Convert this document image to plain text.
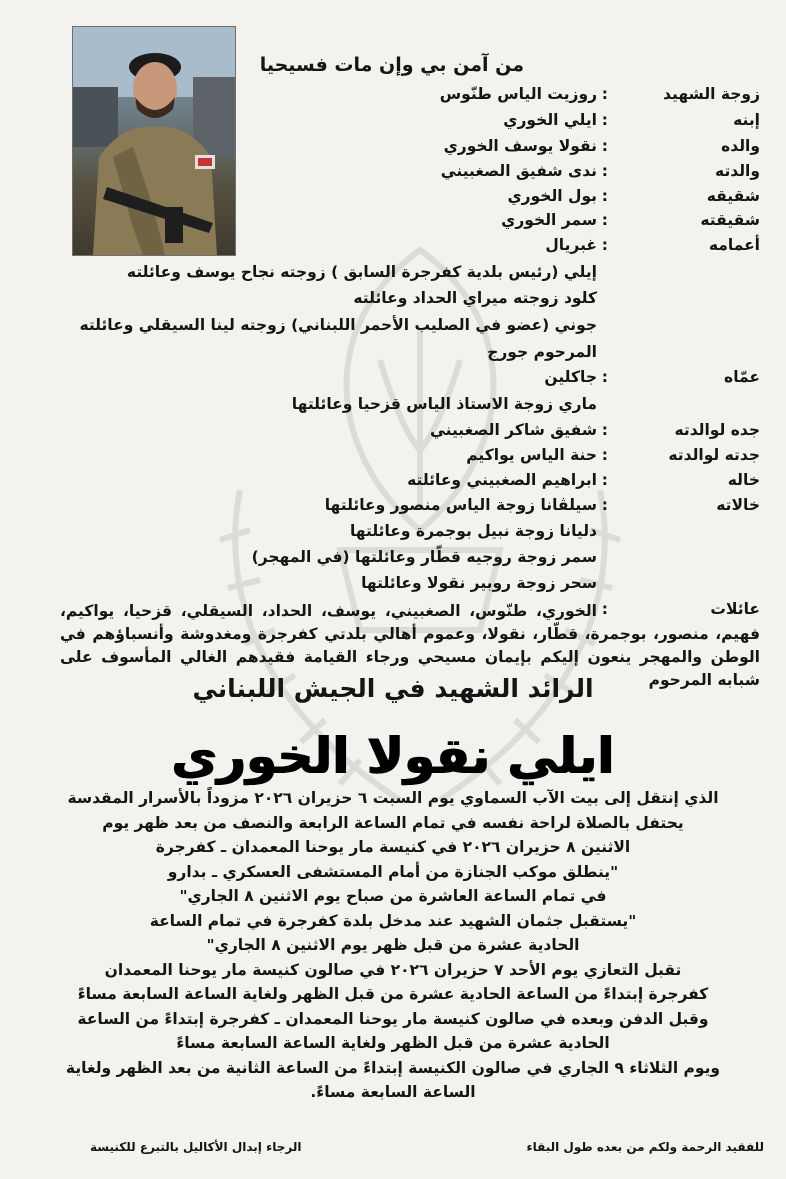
من آمن بي وإن مات فسيحيا
زوجة الشهيد
:
روزيت الياس طنّوس
إبنه
:
ايلي الخوري
والده
:
نقولا يوسف الخوري
والدته
:
ندى شفيق الصغبيني
شقيقه
:
بول الخوري
شقيقته
:
سمر الخوري
أعمامه
:
غبريال
إيلي (رئيس بلدية كفرجرة السابق ) زوجته نجاح يوسف وعائلته
كلود زوجته ميراي الحداد وعائلته
جوني (عضو في الصليب الأحمر اللبناني) زوجته لينا السيقلي وعائلته
المرحوم جورج
عمّاه
:
جاكلين
ماري زوجة الاستاذ الياس قزحيا وعائلتها
جده لوالدته
:
شفيق شاكر الصغبيني
جدته لوالدته
:
حنة الياس يواكيم
خاله
:
ابراهيم الصغبيني وعائلته
خالاته
:
سيلڤانا زوجة الياس منصور وعائلتها
دليانا زوجة نبيل بوجمرة وعائلتها
سمر زوجة روجيه قطّار وعائلتها (في المهجر)
سحر زوجة روبير نقولا وعائلتها
عائلات
:
الخوري، طنّوس، الصغبيني، يوسف، الحداد، السيقلي، قزحيا، يواكيم، فهيم، منصور، بوجمرة، قطّار، نقولا، وعموم أهالي بلدتي كفرجرة ومغدوشة وأنسباؤهم في الوطن والمهجر ينعون إليكم بإيمان مسيحي ورجاء القيامة فقيدهم الغالي المأسوف على شبابه المرحوم
الرائد الشهيد في الجيش اللبناني
ايلي نقولا الخوري
الذي إنتقل إلى بيت الآب السماوي يوم السبت ٦ حزيران ٢٠٢٦ مزوداً بالأسرار المقدسة
يحتفل بالصلاة لراحة نفسه في تمام الساعة الرابعة والنصف من بعد ظهر يوم
الاثنين ٨ حزيران ٢٠٢٦ في كنيسة مار يوحنا المعمدان ـ كفرجرة
"ينطلق موكب الجنازة من أمام المستشفى العسكري ـ بدارو
في تمام الساعة العاشرة من صباح يوم الاثنين ٨ الجاري"
"يستقبل جثمان الشهيد عند مدخل بلدة كفرجرة في تمام الساعة
الحادية عشرة من قبل ظهر يوم الاثنين ٨ الجاري"
تقبل التعازي يوم الأحد ٧ حزيران ٢٠٢٦ في صالون كنيسة مار يوحنا المعمدان
كفرجرة إبتداءً من الساعة الحادية عشرة من قبل الظهر ولغاية الساعة السابعة مساءً
وقبل الدفن وبعده في صالون كنيسة مار يوحنا المعمدان ـ كفرجرة إبتداءً من الساعة
الحادية عشرة من قبل الظهر ولغاية الساعة السابعة مساءً
ويوم الثلاثاء ٩ الجاري في صالون الكنيسة إبتداءً من الساعة الثانية من بعد الظهر ولغاية
الساعة السابعة مساءً.
للفقيد الرحمة ولكم من بعده طول البقاء
الرجاء إبدال الأكاليل بالتبرع للكنيسة
